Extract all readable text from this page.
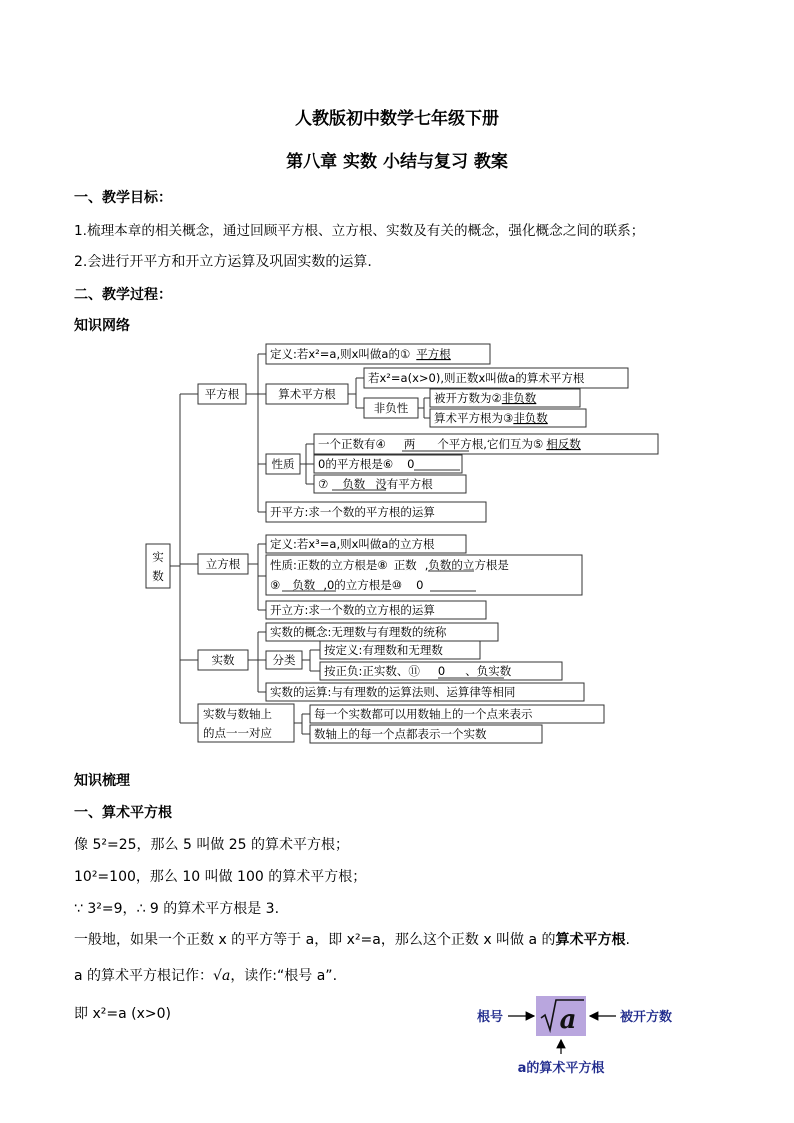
人教版初中数学七年级下册
第八章 实数 小结与复习 教案
一、教学目标：
1.梳理本章的相关概念，通过回顾平方根、立方根、实数及有关的概念，强化概念之间的联系；
2.会进行开平方和开立方运算及巩固实数的运算.
二、教学过程：
知识网络
实
数
平方根
定义:若x²=a,则x叫做a的① 平方根
算术平方根
若x²=a(x>0),则正数x叫做a的算术平方根
非负性
被开方数为②非负数
算术平方根为③非负数
性质
一个正数有④ 两 个平方根,它们互为⑤ 相反数
0的平方根是⑥ 0
⑦ 负数 没有平方根
开平方:求一个数的平方根的运算
立方根
定义:若x³=a,则x叫做a的立方根
性质:正数的立方根是⑧ 正数 ,负数的立方根是
⑨ 负数 ,0的立方根是⑩ 0
开立方:求一个数的立方根的运算
实数
实数的概念:无理数与有理数的统称
分类
按定义:有理数和无理数
按正负:正实数、⑪ 0 、负实数
实数的运算:与有理数的运算法则、运算律等相同
实数与数轴上
的点一一对应
每一个实数都可以用数轴上的一个点来表示
数轴上的每一个点都表示一个实数
知识梳理
一、算术平方根
像 5²=25，那么 5 叫做 25 的算术平方根；
10²=100，那么 10 叫做 100 的算术平方根；
∵ 3²=9，∴ 9 的算术平方根是 3.
一般地，如果一个正数 x 的平方等于 a，即 x²=a，那么这个正数 x 叫做 a 的算术平方根.
a 的算术平方根记作：√a，读作:“根号 a”.
即 x²=a (x>0)	根号 a	被开方数
a的算术平方根
